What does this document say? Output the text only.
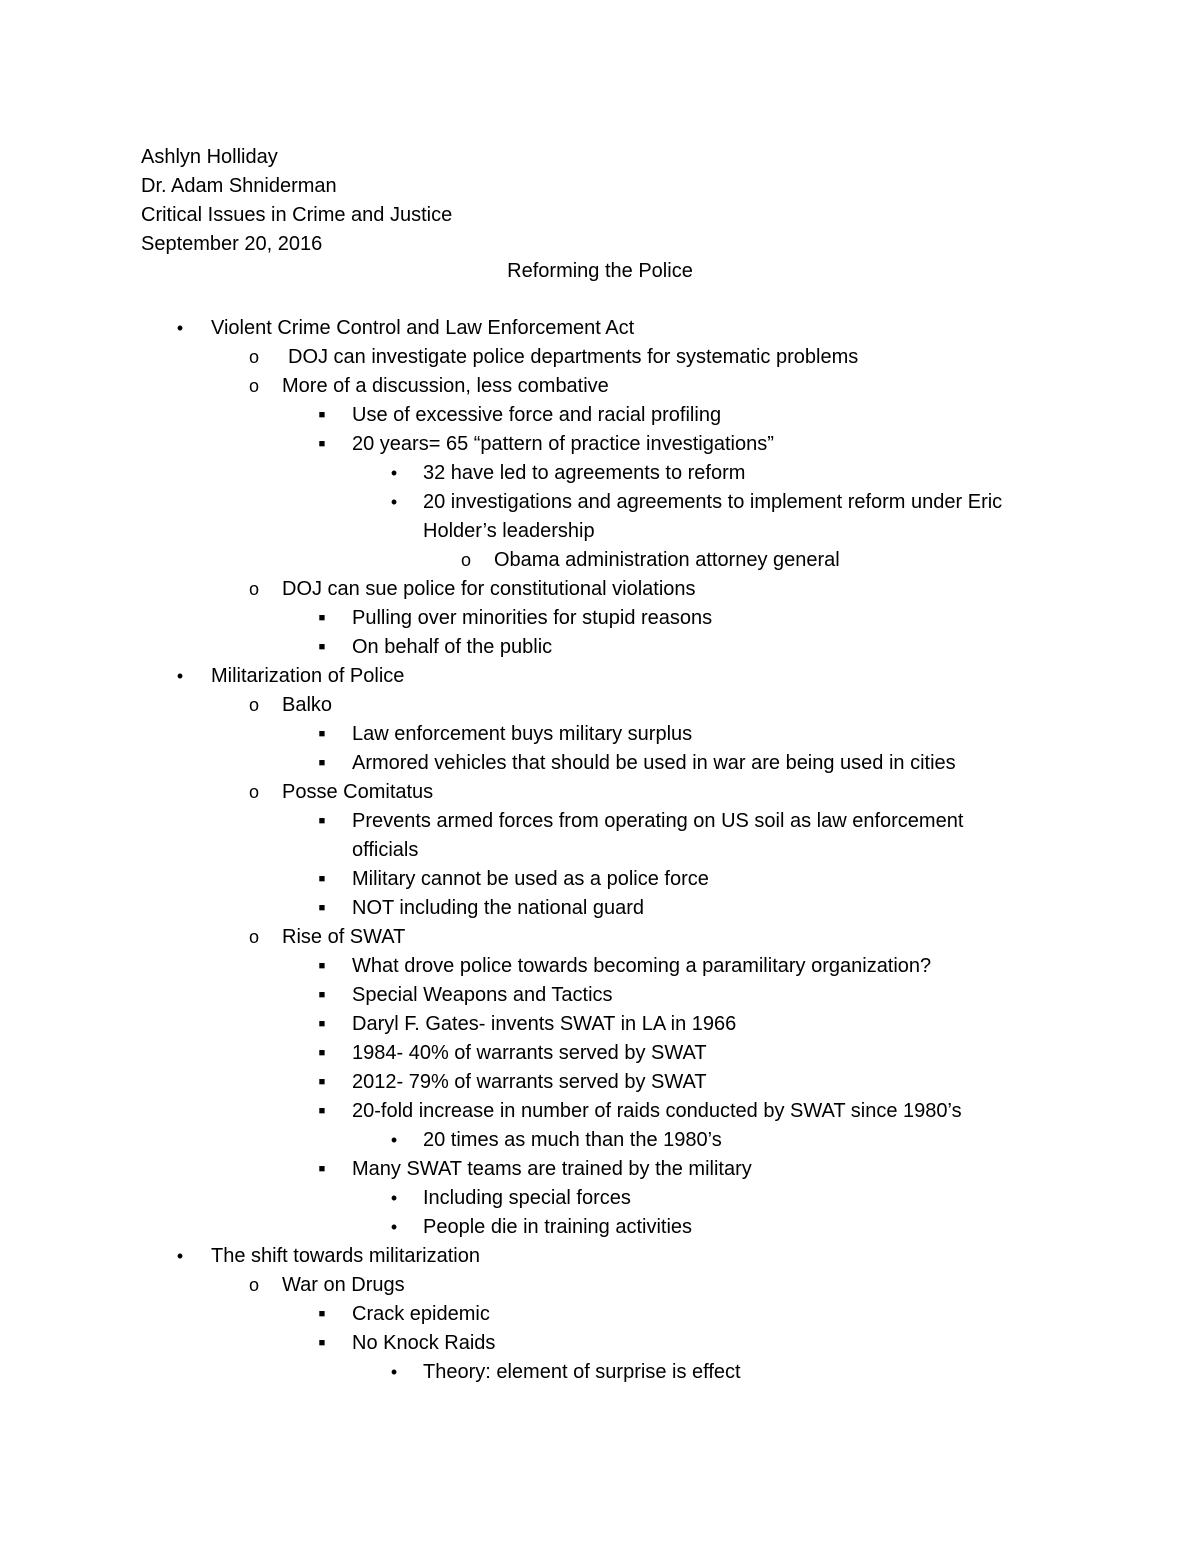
Ashlyn Holliday
Dr. Adam Shniderman
Critical Issues in Crime and Justice
September 20, 2016
Reforming the Police
•	Violent Crime Control and Law Enforcement Act
o	DOJ can investigate police departments for systematic problems
o More of a discussion, less combative
■	Use of excessive force and racial profiling
■	20 years= 65 “pattern of practice investigations”
•	32 have led to agreements to reform
•	20 investigations and agreements to implement reform under Eric Holder’s leadership
o Obama administration attorney general
o DOJ can sue police for constitutional violations
■	Pulling over minorities for stupid reasons
■	On behalf of the public
•	Militarization of Police
o Balko
■	Law enforcement buys military surplus
■	Armored vehicles that should be used in war are being used in cities
o Posse Comitatus
■	Prevents armed forces from operating on US soil as law enforcement officials
■	Military cannot be used as a police force
■	NOT including the national guard
o Rise of SWAT
■	What drove police towards becoming a paramilitary organization?
■	Special Weapons and Tactics
■	Daryl F. Gates- invents SWAT in LA in 1966
■	1984- 40% of warrants served by SWAT
■	2012- 79% of warrants served by SWAT
■	20-fold increase in number of raids conducted by SWAT since 1980’s
•	20 times as much than the 1980’s
■	Many SWAT teams are trained by the military
•	Including special forces
•	People die in training activities
•	The shift towards militarization
o War on Drugs
■	Crack epidemic
■	No Knock Raids
•	Theory: element of surprise is effect
